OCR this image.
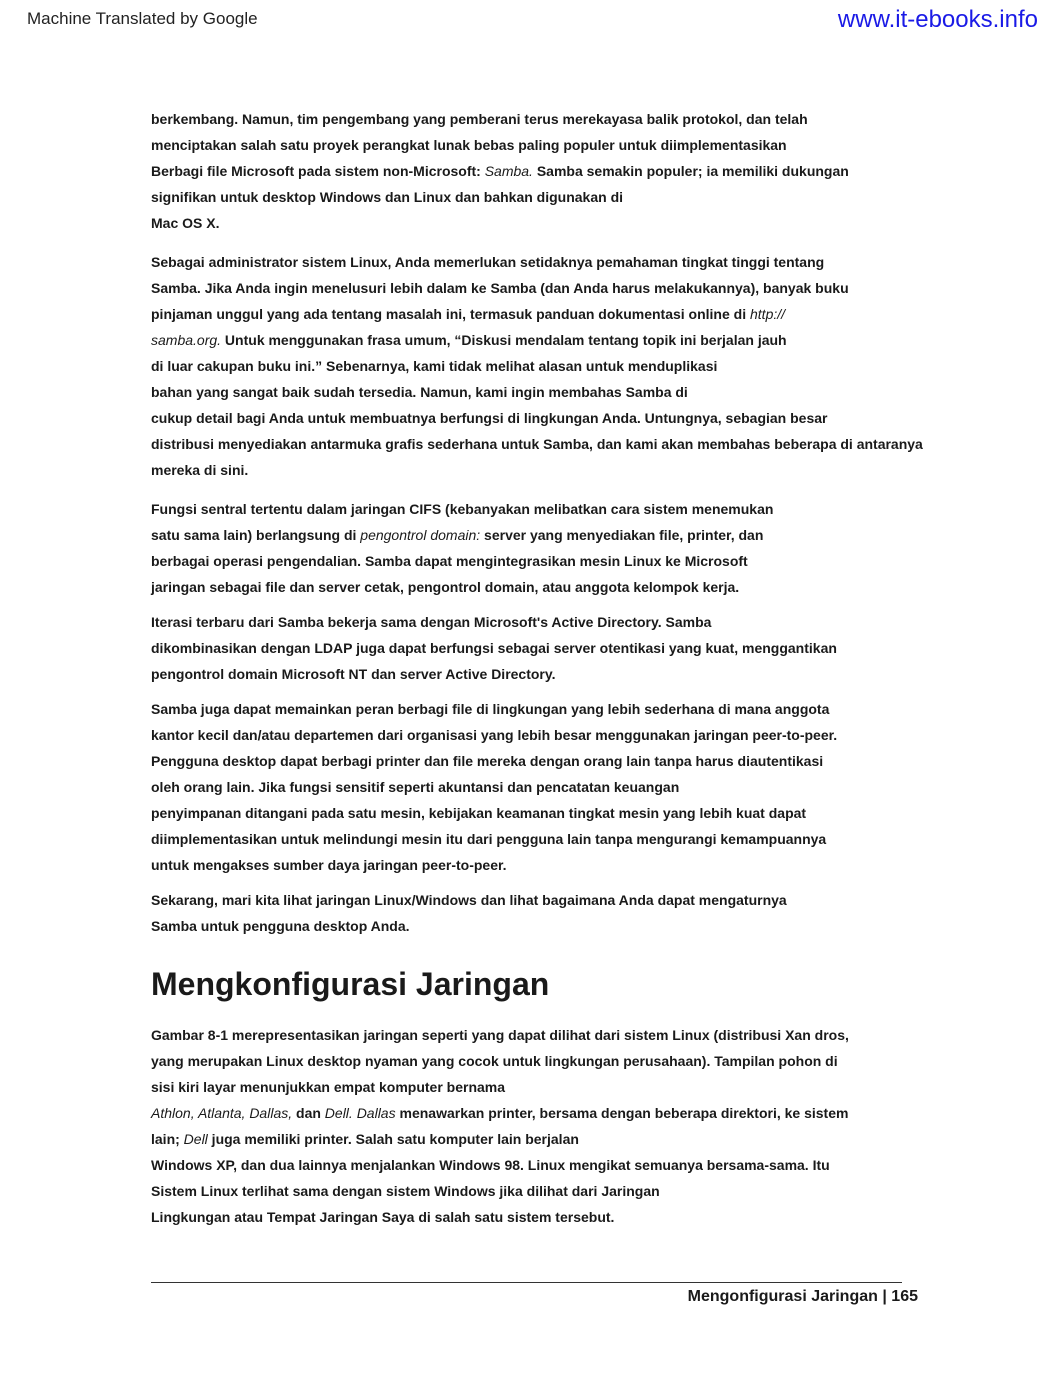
Machine Translated by Google	www.it-ebooks.info
berkembang. Namun, tim pengembang yang pemberani terus merekayasa balik protokol, dan telah
menciptakan salah satu proyek perangkat lunak bebas paling populer untuk diimplementasikan
Berbagi file Microsoft pada sistem non-Microsoft: Samba. Samba semakin populer; ia memiliki dukungan
signifikan untuk desktop Windows dan Linux dan bahkan digunakan di
Mac OS X.
Sebagai administrator sistem Linux, Anda memerlukan setidaknya pemahaman tingkat tinggi tentang
Samba. Jika Anda ingin menelusuri lebih dalam ke Samba (dan Anda harus melakukannya), banyak buku
pinjaman unggul yang ada tentang masalah ini, termasuk panduan dokumentasi online di http://
samba.org. Untuk menggunakan frasa umum, “Diskusi mendalam tentang topik ini berjalan jauh
di luar cakupan buku ini.” Sebenarnya, kami tidak melihat alasan untuk menduplikasi
bahan yang sangat baik sudah tersedia. Namun, kami ingin membahas Samba di
cukup detail bagi Anda untuk membuatnya berfungsi di lingkungan Anda. Untungnya, sebagian besar
distribusi menyediakan antarmuka grafis sederhana untuk Samba, dan kami akan membahas beberapa di antaranya
mereka di sini.
Fungsi sentral tertentu dalam jaringan CIFS (kebanyakan melibatkan cara sistem menemukan
satu sama lain) berlangsung di pengontrol domain: server yang menyediakan file, printer, dan
berbagai operasi pengendalian. Samba dapat mengintegrasikan mesin Linux ke Microsoft
jaringan sebagai file dan server cetak, pengontrol domain, atau anggota kelompok kerja.
Iterasi terbaru dari Samba bekerja sama dengan Microsoft's Active Directory. Samba
dikombinasikan dengan LDAP juga dapat berfungsi sebagai server otentikasi yang kuat, menggantikan
pengontrol domain Microsoft NT dan server Active Directory.
Samba juga dapat memainkan peran berbagi file di lingkungan yang lebih sederhana di mana anggota
kantor kecil dan/atau departemen dari organisasi yang lebih besar menggunakan jaringan peer-to-peer.
Pengguna desktop dapat berbagi printer dan file mereka dengan orang lain tanpa harus diautentikasi
oleh orang lain. Jika fungsi sensitif seperti akuntansi dan pencatatan keuangan
penyimpanan ditangani pada satu mesin, kebijakan keamanan tingkat mesin yang lebih kuat dapat
diimplementasikan untuk melindungi mesin itu dari pengguna lain tanpa mengurangi kemampuannya
untuk mengakses sumber daya jaringan peer-to-peer.
Sekarang, mari kita lihat jaringan Linux/Windows dan lihat bagaimana Anda dapat mengaturnya
Samba untuk pengguna desktop Anda.
Mengkonfigurasi Jaringan
Gambar 8-1 merepresentasikan jaringan seperti yang dapat dilihat dari sistem Linux (distribusi Xan dros,
yang merupakan Linux desktop nyaman yang cocok untuk lingkungan perusahaan). Tampilan pohon di
sisi kiri layar menunjukkan empat komputer bernama
Athlon, Atlanta, Dallas, dan Dell. Dallas menawarkan printer, bersama dengan beberapa direktori, ke sistem
lain; Dell juga memiliki printer. Salah satu komputer lain berjalan
Windows XP, dan dua lainnya menjalankan Windows 98. Linux mengikat semuanya bersama-sama. Itu
Sistem Linux terlihat sama dengan sistem Windows jika dilihat dari Jaringan
Lingkungan atau Tempat Jaringan Saya di salah satu sistem tersebut.
Mengonfigurasi Jaringan | 165
